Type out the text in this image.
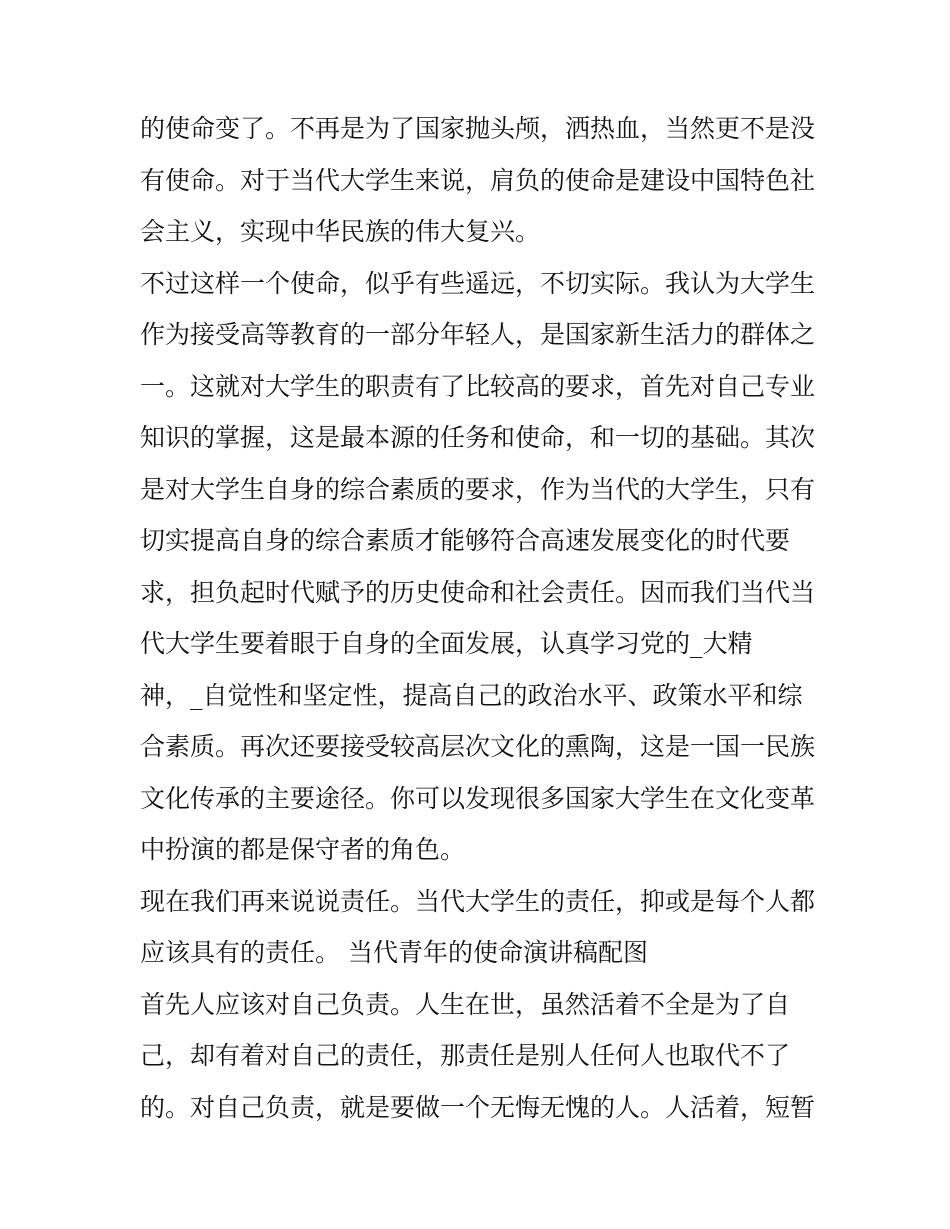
的使命变了。不再是为了国家抛头颅，洒热血，当然更不是没
有使命。对于当代大学生来说，肩负的使命是建设中国特色社
会主义，实现中华民族的伟大复兴。
不过这样一个使命，似乎有些遥远，不切实际。我认为大学生
作为接受高等教育的一部分年轻人，是国家新生活力的群体之
一。这就对大学生的职责有了比较高的要求，首先对自己专业
知识的掌握，这是最本源的任务和使命，和一切的基础。其次
是对大学生自身的综合素质的要求，作为当代的大学生，只有
切实提高自身的综合素质才能够符合高速发展变化的时代要
求，担负起时代赋予的历史使命和社会责任。因而我们当代当
代大学生要着眼于自身的全面发展，认真学习党的_大精
神，_自觉性和坚定性，提高自己的政治水平、政策水平和综
合素质。再次还要接受较高层次文化的熏陶，这是一国一民族
文化传承的主要途径。你可以发现很多国家大学生在文化变革
中扮演的都是保守者的角色。
现在我们再来说说责任。当代大学生的责任，抑或是每个人都
应该具有的责任。 当代青年的使命演讲稿配图
首先人应该对自己负责。人生在世，虽然活着不全是为了自
己，却有着对自己的责任，那责任是别人任何人也取代不了
的。对自己负责，就是要做一个无悔无愧的人。人活着，短暂
